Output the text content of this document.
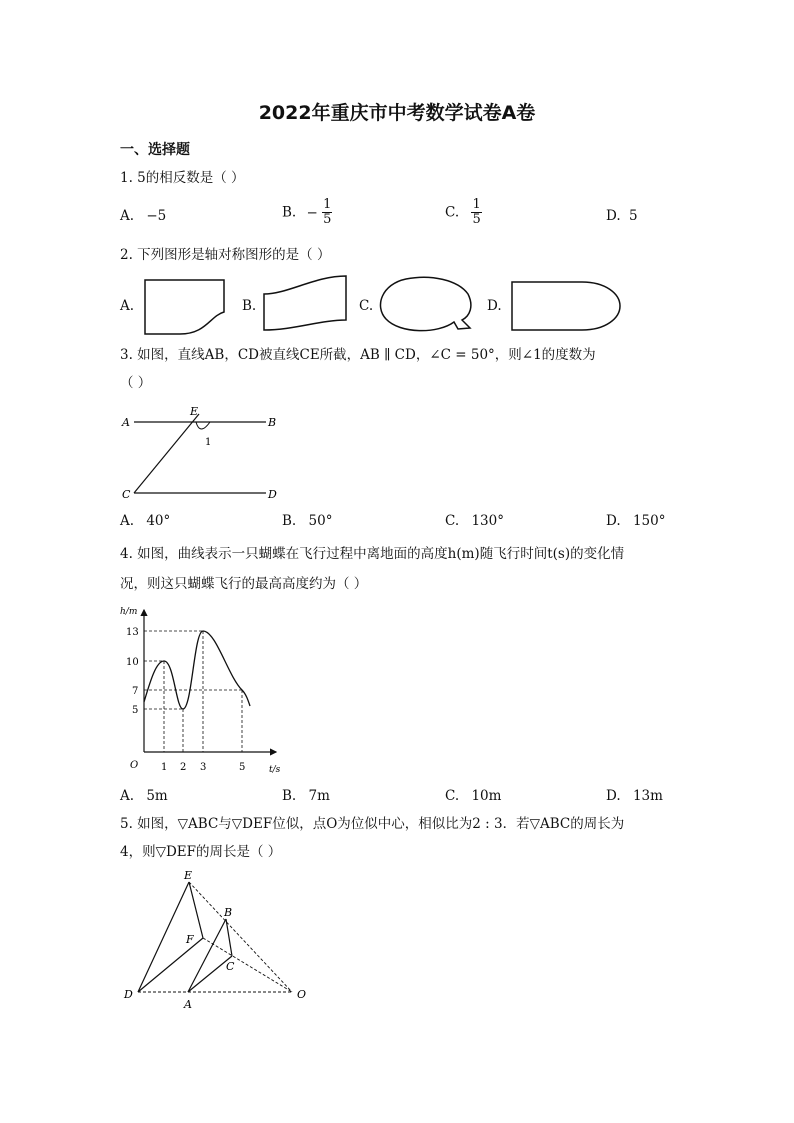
2022年重庆市中考数学试卷A卷
一、选择题
1. 5的相反数是（ ）
A. −5	B. − $\frac{1}{5}$	C. $\frac{1}{5}$	D. 5
2. 下列图形是轴对称图形的是（ ）
A.	B.	C.	D.
3. 如图，直线AB，CD被直线CE所截，AB ∥ CD，∠C = 50°，则∠1的度数为
（ ）
A	B
C	D
E
1
A. 40°	B. 50°	C. 130°	D. 150°
4. 如图，曲线表示一只蝴蝶在飞行过程中离地面的高度h(m)随飞行时间t(s)的变化情
况，则这只蝴蝶飞行的最高高度约为（ ）
h/m
t/s
O
13
10
7
5
1 2 3	5
A. 5m	B. 7m	C. 10m	D. 13m
5. 如图，▽ABC与▽DEF位似，点O为位似中心，相似比为2 : 3．若▽ABC的周长为
4，则▽DEF的周长是（ ）
E
B
F
C
D
A
O
